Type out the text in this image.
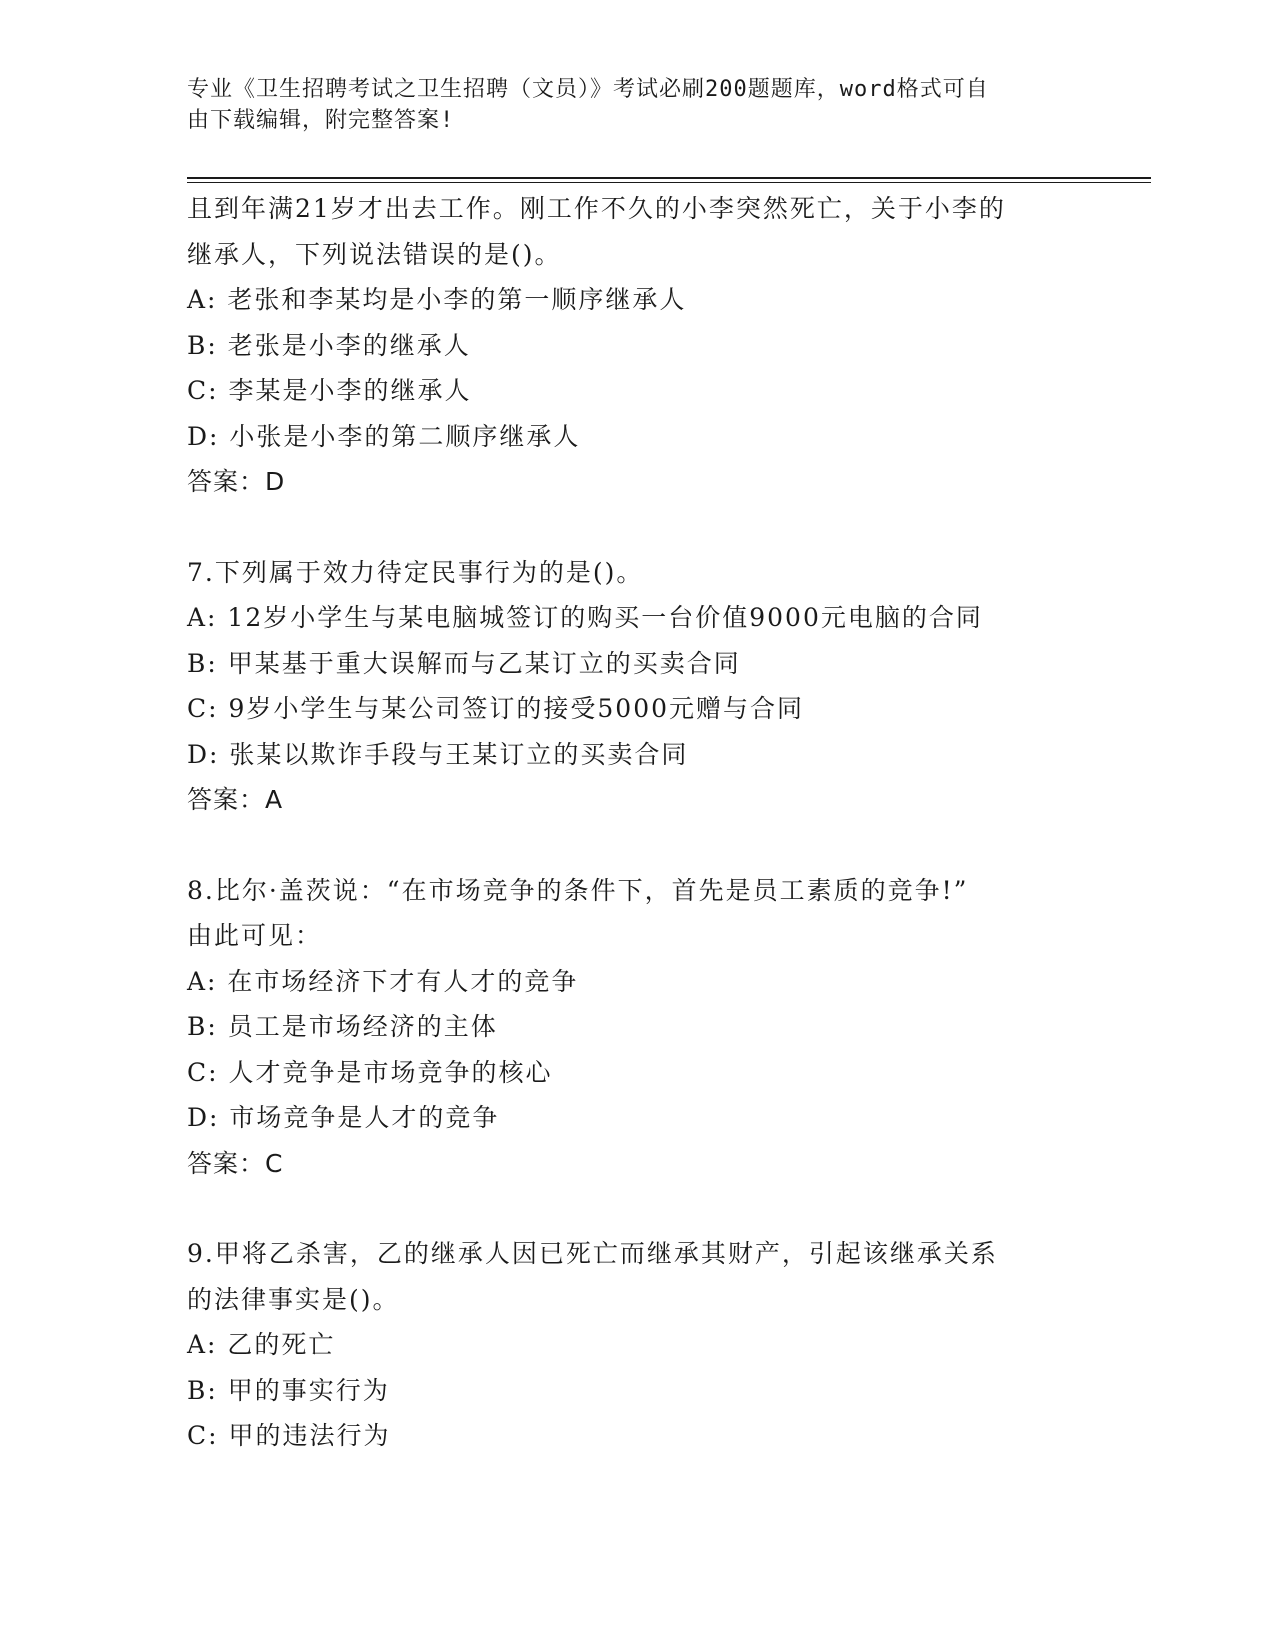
专业《卫生招聘考试之卫生招聘（文员）》考试必刷200题题库，word格式可自
由下载编辑，附完整答案!
且到年满21岁才出去工作。刚工作不久的小李突然死亡，关于小李的
继承人，下列说法错误的是()。
A: 老张和李某均是小李的第一顺序继承人
B: 老张是小李的继承人
C: 李某是小李的继承人
D: 小张是小李的第二顺序继承人
答案：D
7.下列属于效力待定民事行为的是()。
A: 12岁小学生与某电脑城签订的购买一台价值9000元电脑的合同
B: 甲某基于重大误解而与乙某订立的买卖合同
C: 9岁小学生与某公司签订的接受5000元赠与合同
D: 张某以欺诈手段与王某订立的买卖合同
答案：A
8.比尔·盖茨说：“在市场竞争的条件下，首先是员工素质的竞争!”
由此可见：
A: 在市场经济下才有人才的竞争
B: 员工是市场经济的主体
C: 人才竞争是市场竞争的核心
D: 市场竞争是人才的竞争
答案：C
9.甲将乙杀害，乙的继承人因已死亡而继承其财产，引起该继承关系
的法律事实是()。
A: 乙的死亡
B: 甲的事实行为
C: 甲的违法行为
